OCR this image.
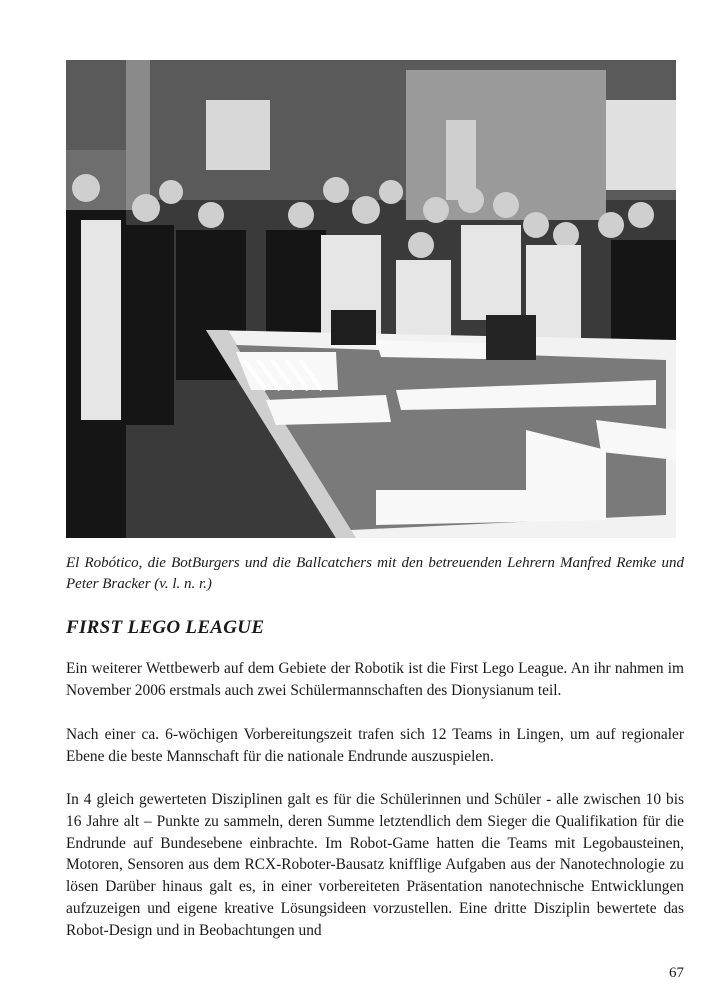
El Robótico, die BotBurgers und die Ballcatchers mit den betreuenden Lehrern Manfred Remke und Peter Bracker (v. l. n. r.)

FIRST LEGO LEAGUE

Ein weiterer Wettbewerb auf dem Gebiete der Robotik ist die First Lego League. An ihr nahmen im November 2006 erstmals auch zwei Schülermannschaften des Dionysianum teil.

Nach einer ca. 6-wöchigen Vorbereitungszeit trafen sich 12 Teams in Lingen, um auf regionaler Ebene die beste Mannschaft für die nationale Endrunde auszuspielen.

In 4 gleich gewerteten Disziplinen galt es für die Schülerinnen und Schüler - alle zwischen 10 bis 16 Jahre alt – Punkte zu sammeln, deren Summe letztendlich dem Sieger die Qualifikation für die Endrunde auf Bundesebene einbrachte. Im Robot-Game hatten die Teams mit Legobausteinen, Motoren, Sensoren aus dem RCX-Roboter-Bausatz knifflige Aufgaben aus der Nanotechnologie zu lösen Darüber hinaus galt es, in einer vorbereiteten Präsentation nanotechnische Entwicklungen aufzuzeigen und eigene kreative Lösungsideen vorzustellen. Eine dritte Disziplin bewertete das Robot-Design und in Beobachtungen und

67
